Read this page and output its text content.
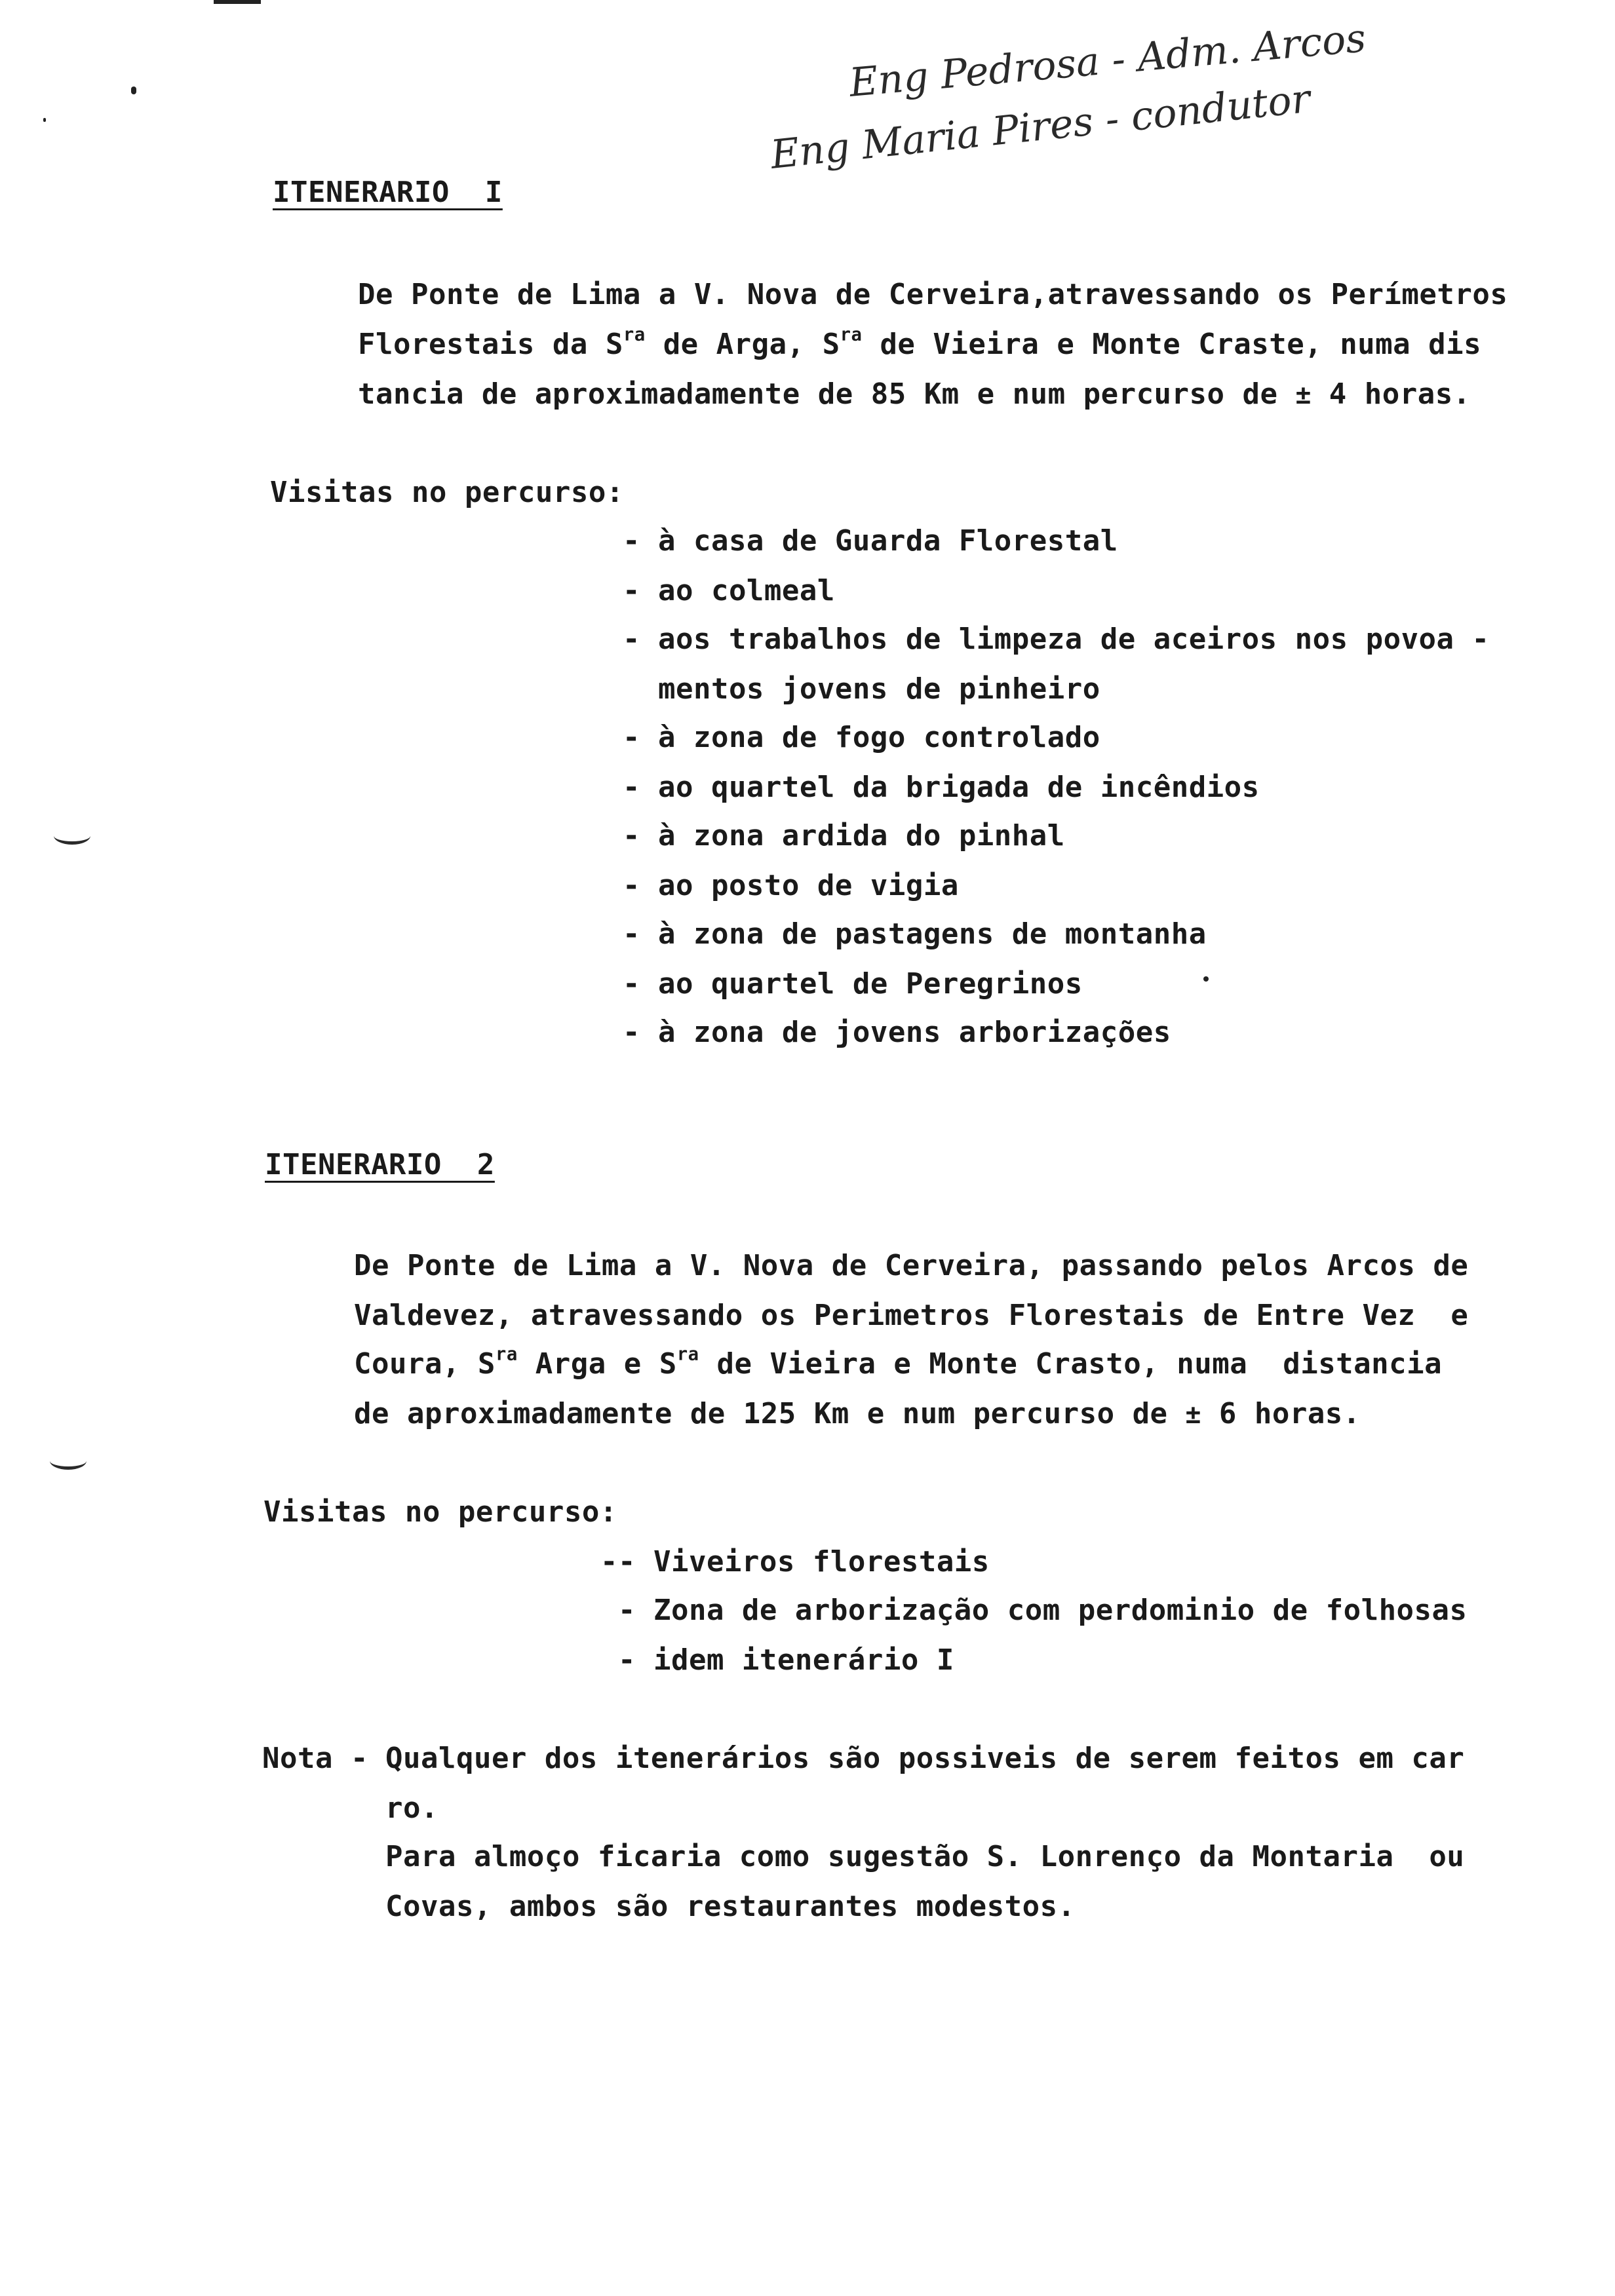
Eng Pedrosa - Adm. Arcos
Eng Maria Pires - condutor
ITENERARIO  I
De Ponte de Lima a V. Nova de Cerveira,atravessando os Perímetros
Florestais da $S^{ra}$ de Arga, $S^{ra}$ de Vieira e Monte Craste, numa dis
tancia de aproximadamente de 85 Km e num percurso de ± 4 horas.
Visitas no percurso:
- à casa de Guarda Florestal
- ao colmeal
- aos trabalhos de limpeza de aceiros nos povoa -
mentos jovens de pinheiro
- à zona de fogo controlado
- ao quartel da brigada de incêndios
- à zona ardida do pinhal
- ao posto de vigia
- à zona de pastagens de montanha
- ao quartel de Peregrinos
- à zona de jovens arborizações
ITENERARIO  2
De Ponte de Lima a V. Nova de Cerveira, passando pelos Arcos de
Valdevez, atravessando os Perimetros Florestais de Entre Vez  e
Coura, $S^{ra}$ Arga e $S^{ra}$ de Vieira e Monte Crasto, numa  distancia
de aproximadamente de 125 Km e num percurso de ± 6 horas.
Visitas no percurso:
-- Viveiros florestais
- Zona de arborização com perdominio de folhosas
- idem itenerário I
Nota - Qualquer dos itenerários são possiveis de serem feitos em car
ro.
Para almoço ficaria como sugestão S. Lonrenço da Montaria  ou
Covas, ambos são restaurantes modestos.
